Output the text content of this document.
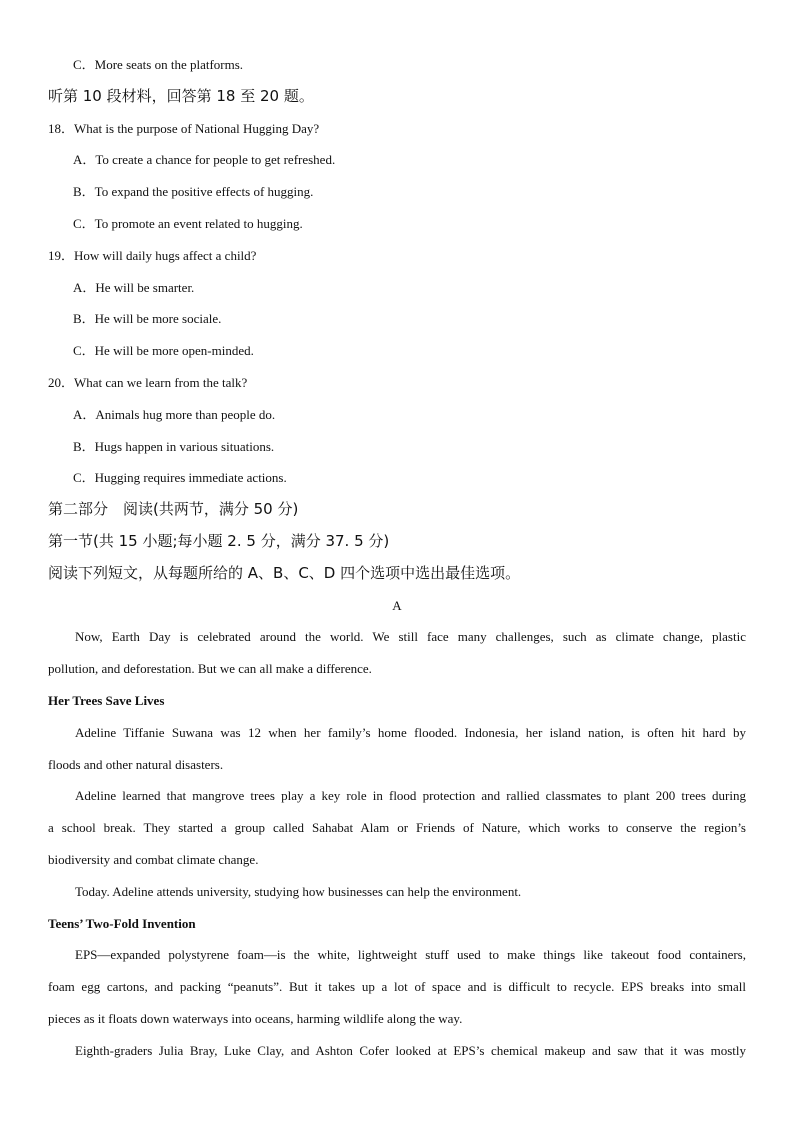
C．More seats on the platforms.
听第 10 段材料，回答第 18 至 20 题。
18．What is the purpose of National Hugging Day?
A．To create a chance for people to get refreshed.
B．To expand the positive effects of hugging.
C．To promote an event related to hugging.
19．How will daily hugs affect a child?
A．He will be smarter.
B．He will be more sociale.
C．He will be more open-minded.
20．What can we learn from the talk?
A．Animals hug more than people do.
B．Hugs happen in various situations.
C．Hugging requires immediate actions.
第二部分　阅读(共两节，满分 50 分)
第一节(共 15 小题;每小题 2. 5 分，满分 37. 5 分)
阅读下列短文，从每题所给的 A、B、C、D 四个选项中选出最佳选项。
A
Now, Earth Day is celebrated around the world. We still face many challenges, such as climate change, plastic
pollution, and deforestation. But we can all make a difference.
Her Trees Save Lives
Adeline Tiffanie Suwana was 12 when her family’s home flooded. Indonesia, her island nation, is often hit hard by
floods and other natural disasters.
Adeline learned that mangrove trees play a key role in flood protection and rallied classmates to plant 200 trees during
a school break. They started a group called Sahabat Alam or Friends of Nature, which works to conserve the region’s
biodiversity and combat climate change.
Today. Adeline attends university, studying how businesses can help the environment.
Teens’ Two-Fold Invention
EPS—expanded polystyrene foam—is the white, lightweight stuff used to make things like takeout food containers,
foam egg cartons, and packing “peanuts”. But it takes up a lot of space and is difficult to recycle. EPS breaks into small
pieces as it floats down waterways into oceans, harming wildlife along the way.
Eighth-graders Julia Bray, Luke Clay, and Ashton Cofer looked at EPS’s chemical makeup and saw that it was mostly
